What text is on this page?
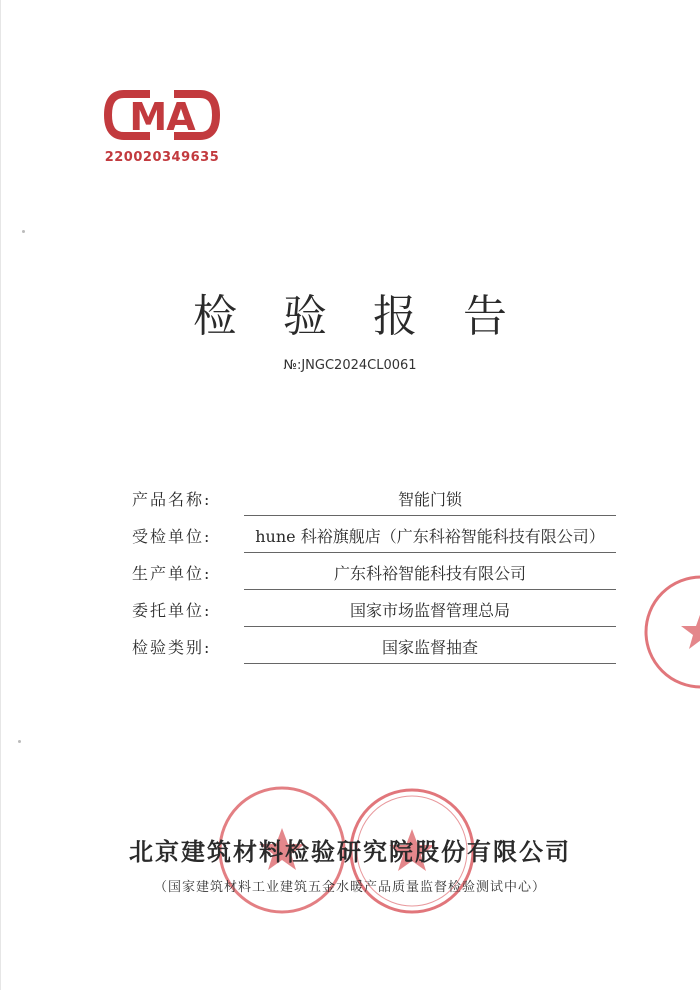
MA
220020349635
检验报告
№:JNGC2024CL0061
产品名称:	智能门锁
受检单位:	hune 科裕旗舰店（广东科裕智能科技有限公司）
生产单位:	广东科裕智能科技有限公司
委托单位:	国家市场监督管理总局
检验类别:	国家监督抽查
北京建筑材料检验研究院股份有限公司
（国家建筑材料工业建筑五金水暖产品质量监督检验测试中心）
